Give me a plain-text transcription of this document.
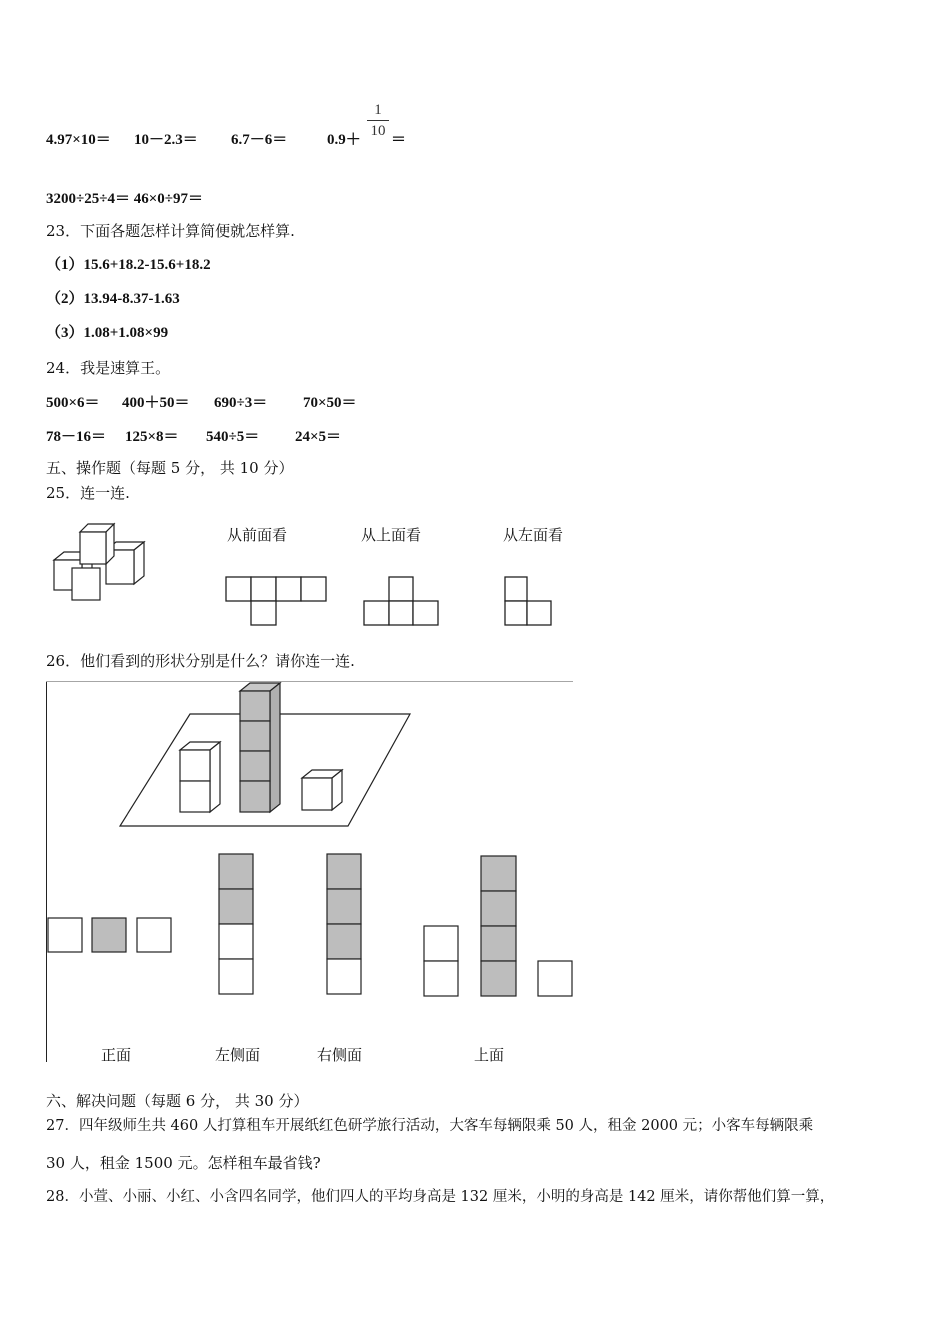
4.97×10＝ 10－2.3＝ 6.7－6＝	0.9＋
1
10
＝
3200÷25÷4＝ 46×0÷97＝
23．下面各题怎样计算简便就怎样算.
（1）15.6+18.2-15.6+18.2
（2）13.94-8.37-1.63
（3）1.08+1.08×99
24．我是速算王。
500×6＝ 400＋50＝ 690÷3＝ 70×50＝
78－16＝ 125×8＝ 540÷5＝ 24×5＝
五、操作题（每题 5 分， 共 10 分）
25．连一连.
从前面看	从上面看	从左面看
26．他们看到的形状分别是什么？请你连一连.
正面	左侧面	右侧面	上面
六、解决问题（每题 6 分， 共 30 分）
27．四年级师生共 460 人打算租车开展纸红色研学旅行活动，大客车每辆限乘 50 人，租金 2000 元；小客车每辆限乘
30 人，租金 1500 元。怎样租车最省钱?
28．小萱、小丽、小红、小含四名同学，他们四人的平均身高是 132 厘米，小明的身高是 142 厘米，请你帮他们算一算，
